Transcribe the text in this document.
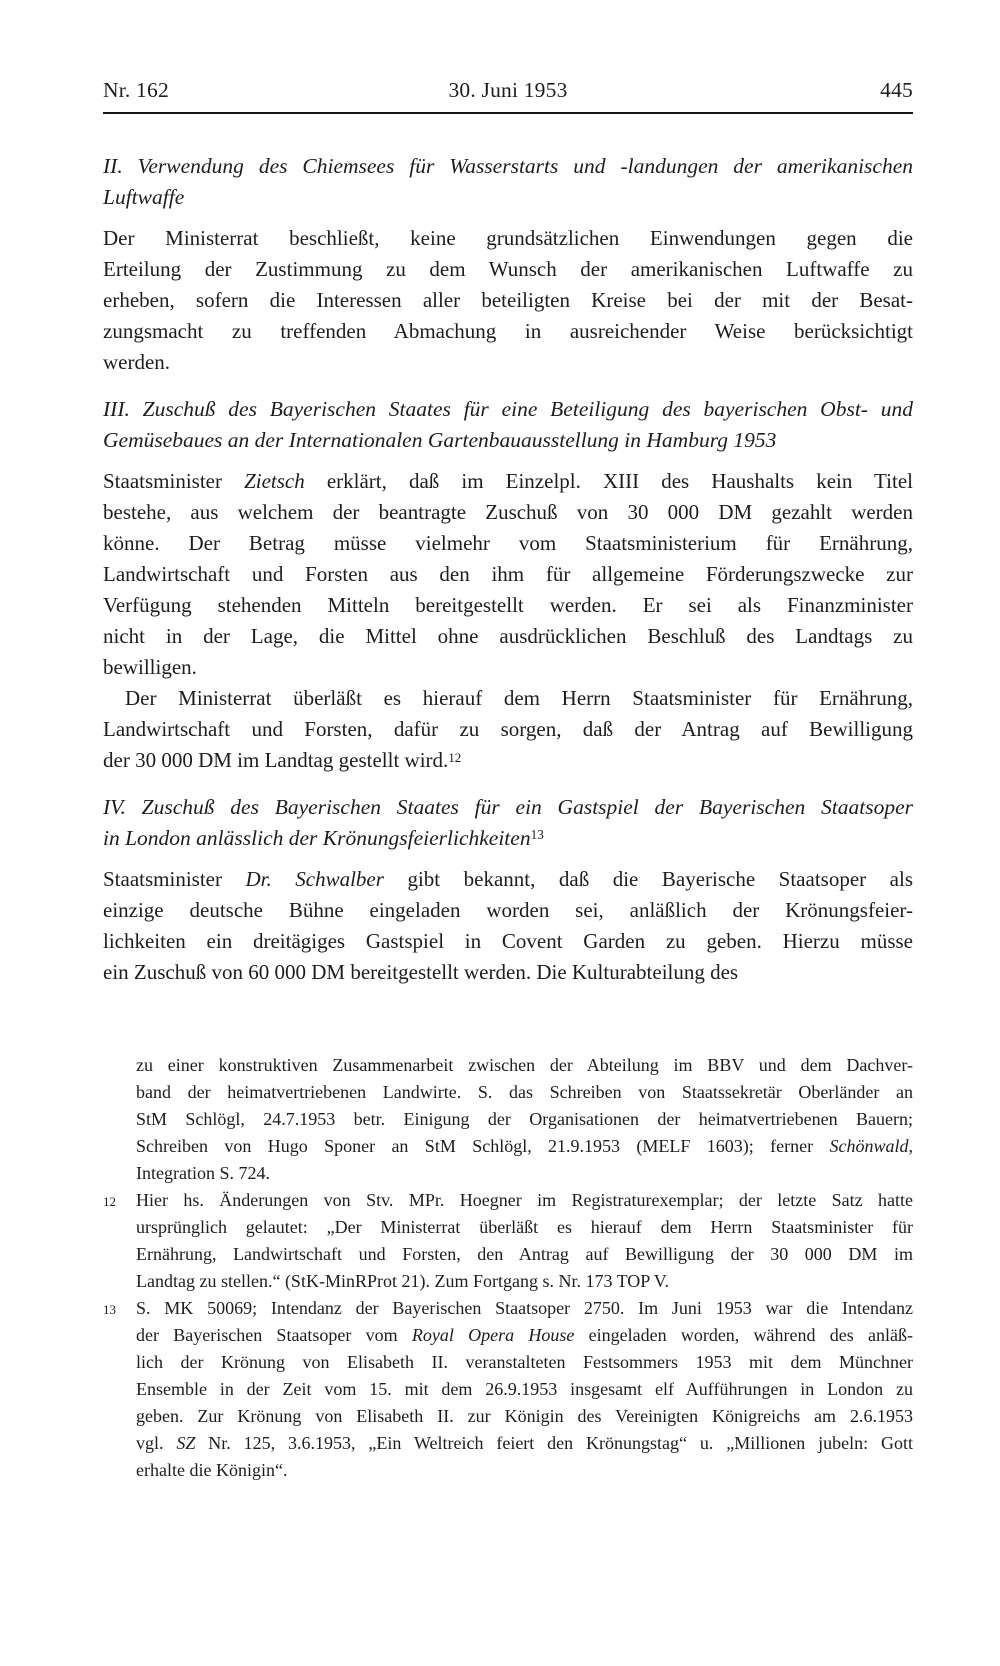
Nr. 162	30. Juni 1953	445
II. Verwendung des Chiemsees für Wasserstarts und -landungen der amerikanischen
Luftwaffe
Der Ministerrat beschließt, keine grundsätzlichen Einwendungen gegen die
Erteilung der Zustimmung zu dem Wunsch der amerikanischen Luftwaffe zu
erheben, sofern die Interessen aller beteiligten Kreise bei der mit der Besat-
zungsmacht zu treffenden Abmachung in ausreichender Weise berücksichtigt
werden.
III. Zuschuß des Bayerischen Staates für eine Beteiligung des bayerischen Obst- und
Gemüsebaues an der Internationalen Gartenbauausstellung in Hamburg 1953
Staatsminister Zietsch erklärt, daß im Einzelpl. XIII des Haushalts kein Titel
bestehe, aus welchem der beantragte Zuschuß von 30 000 DM gezahlt werden
könne. Der Betrag müsse vielmehr vom Staatsministerium für Ernährung,
Landwirtschaft und Forsten aus den ihm für allgemeine Förderungszwecke zur
Verfügung stehenden Mitteln bereitgestellt werden. Er sei als Finanzminister
nicht in der Lage, die Mittel ohne ausdrücklichen Beschluß des Landtags zu
bewilligen.
Der Ministerrat überläßt es hierauf dem Herrn Staatsminister für Ernährung,
Landwirtschaft und Forsten, dafür zu sorgen, daß der Antrag auf Bewilligung
der 30 000 DM im Landtag gestellt wird.$^{12}$
IV. Zuschuß des Bayerischen Staates für ein Gastspiel der Bayerischen Staatsoper
in London anlässlich der Krönungsfeierlichkeiten$^{13}$
Staatsminister Dr. Schwalber gibt bekannt, daß die Bayerische Staatsoper als
einzige deutsche Bühne eingeladen worden sei, anläßlich der Krönungsfeier-
lichkeiten ein dreitägiges Gastspiel in Covent Garden zu geben. Hierzu müsse
ein Zuschuß von 60 000 DM bereitgestellt werden. Die Kulturabteilung des
zu einer konstruktiven Zusammenarbeit zwischen der Abteilung im BBV und dem Dachver-
band der heimatvertriebenen Landwirte. S. das Schreiben von Staatssekretär Oberländer an
StM Schlögl, 24.7.1953 betr. Einigung der Organisationen der heimatvertriebenen Bauern;
Schreiben von Hugo Sponer an StM Schlögl, 21.9.1953 (MELF 1603); ferner Schönwald,
Integration S. 724.
12 Hier hs. Änderungen von Stv. MPr. Hoegner im Registraturexemplar; der letzte Satz hatte
ursprünglich gelautet: „Der Ministerrat überläßt es hierauf dem Herrn Staatsminister für
Ernährung, Landwirtschaft und Forsten, den Antrag auf Bewilligung der 30 000 DM im
Landtag zu stellen.“ (StK-MinRProt 21). Zum Fortgang s. Nr. 173 TOP V.
13 S. MK 50069; Intendanz der Bayerischen Staatsoper 2750. Im Juni 1953 war die Intendanz
der Bayerischen Staatsoper vom Royal Opera House eingeladen worden, während des anläß-
lich der Krönung von Elisabeth II. veranstalteten Festsommers 1953 mit dem Münchner
Ensemble in der Zeit vom 15. mit dem 26.9.1953 insgesamt elf Aufführungen in London zu
geben. Zur Krönung von Elisabeth II. zur Königin des Vereinigten Königreichs am 2.6.1953
vgl. SZ Nr. 125, 3.6.1953, „Ein Weltreich feiert den Krönungstag“ u. „Millionen jubeln: Gott
erhalte die Königin“.
